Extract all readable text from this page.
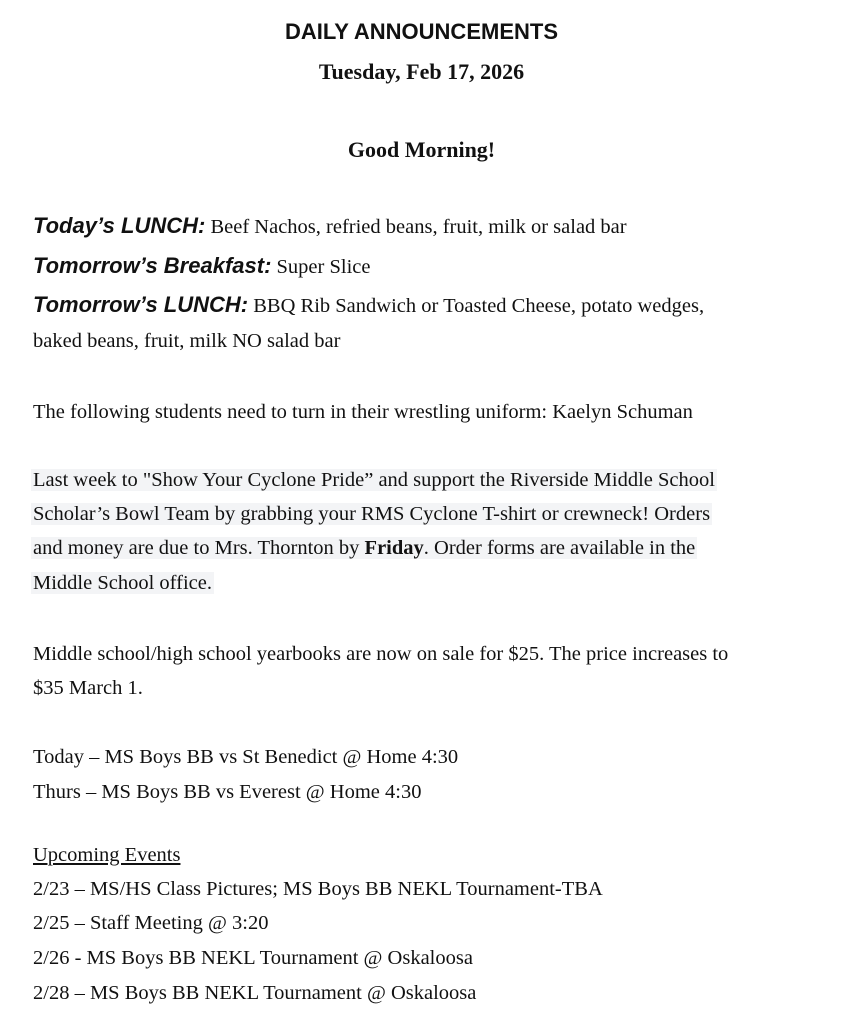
DAILY ANNOUNCEMENTS
Tuesday, Feb 17, 2026
Good Morning!
Today’s LUNCH: Beef Nachos, refried beans, fruit, milk or salad bar
Tomorrow’s Breakfast: Super Slice
Tomorrow’s LUNCH: BBQ Rib Sandwich or Toasted Cheese, potato wedges,
baked beans, fruit, milk NO salad bar
The following students need to turn in their wrestling uniform: Kaelyn Schuman
Last week to "Show Your Cyclone Pride” and support the Riverside Middle School
Scholar’s Bowl Team by grabbing your RMS Cyclone T-shirt or crewneck! Orders
and money are due to Mrs. Thornton by Friday. Order forms are available in the
Middle School office.
Middle school/high school yearbooks are now on sale for $25. The price increases to
$35 March 1.
Today – MS Boys BB vs St Benedict @ Home 4:30
Thurs – MS Boys BB vs Everest @ Home 4:30
Upcoming Events
2/23 – MS/HS Class Pictures; MS Boys BB NEKL Tournament-TBA
2/25 – Staff Meeting @ 3:20
2/26 - MS Boys BB NEKL Tournament @ Oskaloosa
2/28 – MS Boys BB NEKL Tournament @ Oskaloosa
